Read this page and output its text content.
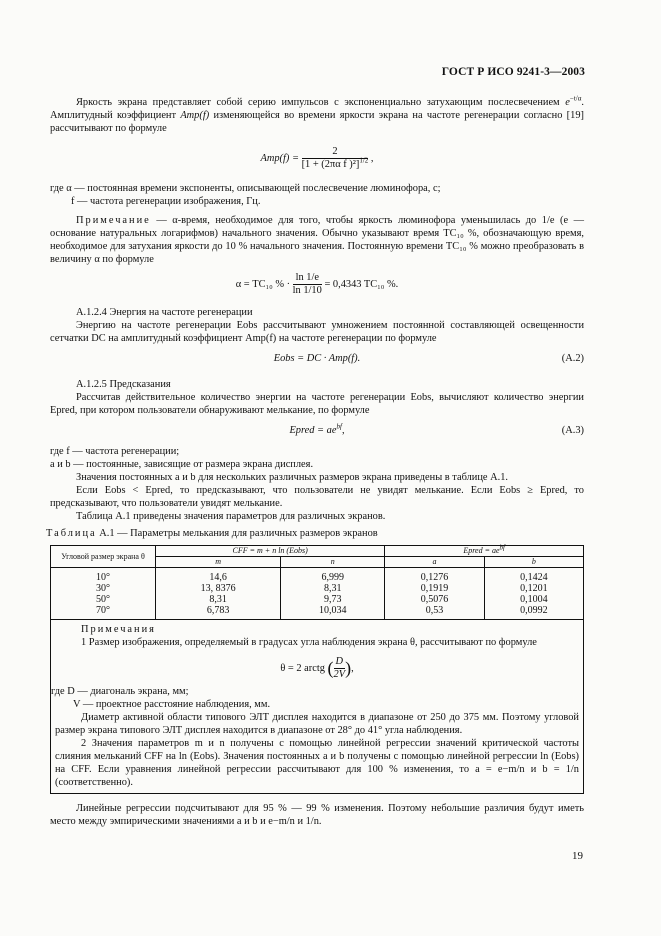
ГОСТ Р ИСО 9241-3—2003

Яркость экрана представляет собой серию импульсов с экспоненциально затухающим послесвечением $e^{-t/\alpha}$. Амплитудный коэффициент Amp(f) изменяющейся во времени яркости экрана на частоте регенерации согласно [19] рассчитывают по формуле

$Amp(f) = \frac{2}{[1 + (2\pi\alpha f )^2]^{1/2}}$ ,

где α — постоянная времени экспоненты, описывающей послесвечение люминофора, с;

f — частота регенерации изображения, Гц.

Примечание — α-время, необходимое для того, чтобы яркость люминофора уменьшилась до 1/e (e — основание натуральных логарифмов) начального значения. Обычно указывают время TC₁₀ %, обозначающую время, необходимое для затухания яркости до 10 % начального значения. Постоянную времени TC₁₀ % можно преобразовать в величину α по формуле

α = TC₁₀ % · $\frac{\ln 1/e}{\ln 1/10} = 0,4343$ TC₁₀ %.

A.1.2.4 Энергия на частоте регенерации

Энергию на частоте регенерации Eobs рассчитывают умножением постоянной составляющей освещенности сетчатки DC на амплитудный коэффициент Amp(f) на частоте регенерации по формуле

Eobs = DC · Amp(f).	(A.2)

A.1.2.5 Предсказания

Рассчитав действительное количество энергии на частоте регенерации Eobs, вычисляют количество энергии Epred, при котором пользователи обнаруживают мелькание, по формуле

Epred = $ae^{bf}$,	(A.3)

где f — частота регенерации;

a и b — постоянные, зависящие от размера экрана дисплея.

Значения постоянных a и b для нескольких различных размеров экрана приведены в таблице А.1.

Если Eobs < Epred, то предсказывают, что пользователи не увидят мелькание. Если Eobs ≥ Epred, то предсказывают, что пользователи увидят мелькание.

Таблица А.1 приведены значения параметров для различных экранов.

Таблица А.1 — Параметры мелькания для различных размеров экранов

Угловой размер экрана θ	CFF = m + n ln (Eobs)		Epred = $ae^{bf}$
	m	n	a	b
10°	14,6	6,999	0,1276	0,1424
30°	13, 8376	8,31	0,1919	0,1201
50°	8,31	9,73	0,5076	0,1004
70°	6,783	10,034	0,53	0,0992

Примечания

1 Размер изображения, определяемый в градусах угла наблюдения экрана θ, рассчитывают по формуле

θ = 2 arctg ( $\frac{D}{2V}$ ),

где D — диагональ экрана, мм;

V — проектное расстояние наблюдения, мм.

Диаметр активной области типового ЭЛТ дисплея находится в диапазоне от 250 до 375 мм. Поэтому угловой размер экрана типового ЭЛТ дисплея находится в диапазоне от 28° до 41° угла наблюдения.

2 Значения параметров m и n получены с помощью линейной регрессии значений критической частоты слияния мельканий CFF на ln (Eobs). Значения постоянных a и b получены с помощью линейной регрессии ln (Eobs) на CFF. Если уравнения линейной регрессии рассчитывают для 100 % изменения, то a = e−m/n и b = 1/n (соответственно).

Линейные регрессии подсчитывают для 95 % — 99 % изменения. Поэтому небольшие различия будут иметь место между эмпирическими значениями a и b и e−m/n и 1/n.

19
